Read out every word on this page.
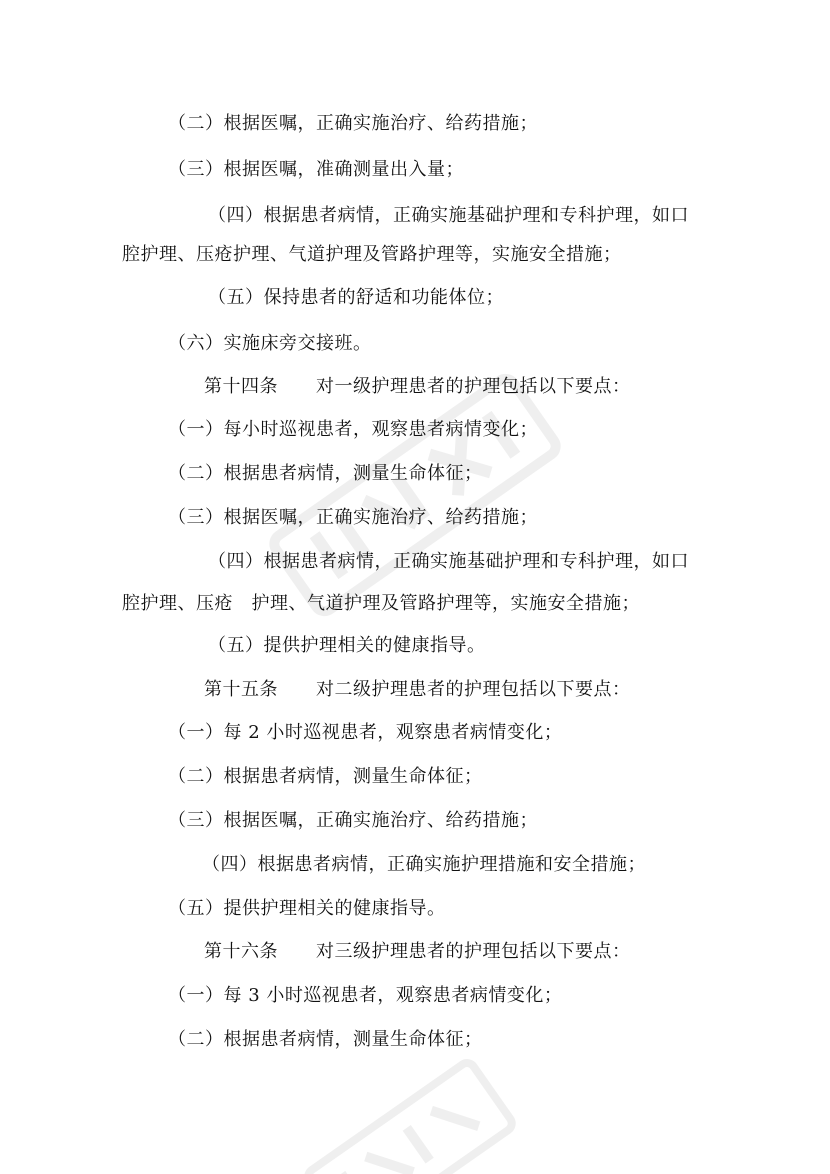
（二）根据医嘱，正确实施治疗、给药措施；
（三）根据医嘱，准确测量出入量；
（四）根据患者病情，正确实施基础护理和专科护理，如口
腔护理、压疮护理、气道护理及管路护理等，实施安全措施；
（五）保持患者的舒适和功能体位；
（六）实施床旁交接班。
第十四条 对一级护理患者的护理包括以下要点：
（一）每小时巡视患者，观察患者病情变化；
（二）根据患者病情，测量生命体征；
（三）根据医嘱，正确实施治疗、给药措施；
（四）根据患者病情，正确实施基础护理和专科护理，如口
腔护理、压疮　护理、气道护理及管路护理等，实施安全措施；
（五）提供护理相关的健康指导。
第十五条 对二级护理患者的护理包括以下要点：
（一）每 2 小时巡视患者，观察患者病情变化；
（二）根据患者病情，测量生命体征；
（三）根据医嘱，正确实施治疗、给药措施；
（四）根据患者病情，正确实施护理措施和安全措施；
（五）提供护理相关的健康指导。
第十六条 对三级护理患者的护理包括以下要点：
（一）每 3 小时巡视患者，观察患者病情变化；
（二）根据患者病情，测量生命体征；
